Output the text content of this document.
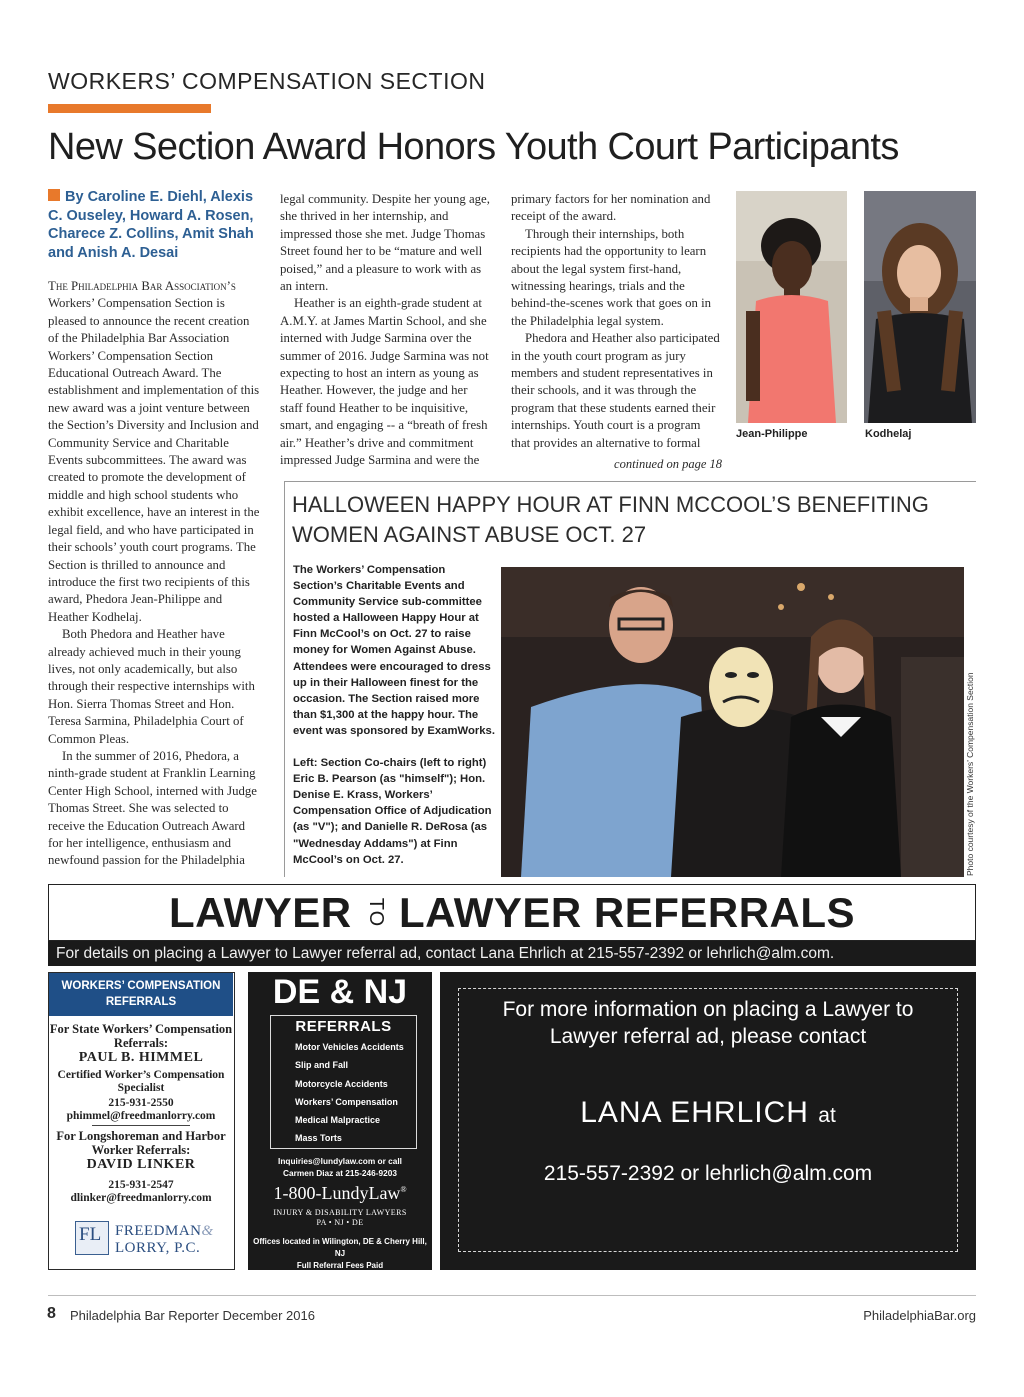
WORKERS’ COMPENSATION SECTION
New Section Award Honors Youth Court Participants
By Caroline E. Diehl, Alexis C. Ouseley, Howard A. Rosen, Charece Z. Collins, Amit Shah and Anish A. Desai

The Philadelphia Bar Association’s Workers’ Compensation Section is pleased to announce the recent creation of the Philadelphia Bar Association Workers’ Compensation Section Educational Outreach Award. The establishment and implementation of this new award was a joint venture between the Section’s Diversity and Inclusion and Community Service and Charitable Events subcommittees. The award was created to promote the development of middle and high school students who exhibit excellence, have an interest in the legal field, and who have participated in their schools’ youth court programs. The Section is thrilled to announce and introduce the first two recipients of this award, Phedora Jean-Philippe and Heather Kodhelaj.

Both Phedora and Heather have already achieved much in their young lives, not only academically, but also through their respective internships with Hon. Sierra Thomas Street and Hon. Teresa Sarmina, Philadelphia Court of Common Pleas.

In the summer of 2016, Phedora, a ninth-grade student at Franklin Learning Center High School, interned with Judge Thomas Street. She was selected to receive the Education Outreach Award for her intelligence, enthusiasm and newfound passion for the Philadelphia

legal community. Despite her young age, she thrived in her internship, and impressed those she met. Judge Thomas Street found her to be “mature and well poised,” and a pleasure to work with as an intern.

Heather is an eighth-grade student at A.M.Y. at James Martin School, and she interned with Judge Sarmina over the summer of 2016. Judge Sarmina was not expecting to host an intern as young as Heather. However, the judge and her staff found Heather to be inquisitive, smart, and engaging -- a “breath of fresh air.” Heather’s drive and commitment impressed Judge Sarmina and were the

primary factors for her nomination and receipt of the award.

Through their internships, both recipients had the opportunity to learn about the legal system first-hand, witnessing hearings, trials and the behind-the-scenes work that goes on in the Philadelphia legal system.

Phedora and Heather also participated in the youth court program as jury members and student representatives in their schools, and it was through the program that these students earned their internships. Youth court is a program that provides an alternative to formal

continued on page 18
Jean-Philippe	Kodhelaj
HALLOWEEN HAPPY HOUR AT FINN MCCOOL’S BENEFITING WOMEN AGAINST ABUSE OCT. 27

The Workers’ Compensation Section’s Charitable Events and Community Service sub-committee hosted a Halloween Happy Hour at Finn McCool’s on Oct. 27 to raise money for Women Against Abuse. Attendees were encouraged to dress up in their Halloween finest for the occasion. The Section raised more than $1,300 at the happy hour. The event was sponsored by ExamWorks.

Left: Section Co-chairs (left to right) Eric B. Pearson (as "himself"); Hon. Denise E. Krass, Workers’ Compensation Office of Adjudication (as "V"); and Danielle R. DeRosa (as "Wednesday Addams") at Finn McCool’s on Oct. 27.	Photo courtesy of the Workers’ Compensation Section
LAWYER TO LAWYER REFERRALS
For details on placing a Lawyer to Lawyer referral ad, contact Lana Ehrlich at 215-557-2392 or lehrlich@alm.com.
WORKERS’ COMPENSATION REFERRALS
For State Workers’ Compensation Referrals:
PAUL B. HIMMEL
Certified Worker’s Compensation Specialist
215-931-2550
phimmel@freedmanlorry.com
For Longshoreman and Harbor Worker Referrals:
DAVID LINKER
215-931-2547
dlinker@freedmanlorry.com
FL FREEDMAN&
LORRY, P.C.
DE & NJ
REFERRALS
Motor Vehicles Accidents
Slip and Fall
Motorcycle Accidents
Workers’ Compensation
Medical Malpractice
Mass Torts
Inquiries@lundylaw.com or call
Carmen Diaz at 215-246-9203
1-800-LundyLaw®
INJURY & DISABILITY LAWYERS
PA • NJ • DE
Offices located in Wilington, DE & Cherry Hill, NJ
Full Referral Fees Paid
For more information on placing a Lawyer to Lawyer referral ad, please contact
LANA EHRLICH at
215-557-2392 or lehrlich@alm.com
8 Philadelphia Bar Reporter December 2016	PhiladelphiaBar.org
